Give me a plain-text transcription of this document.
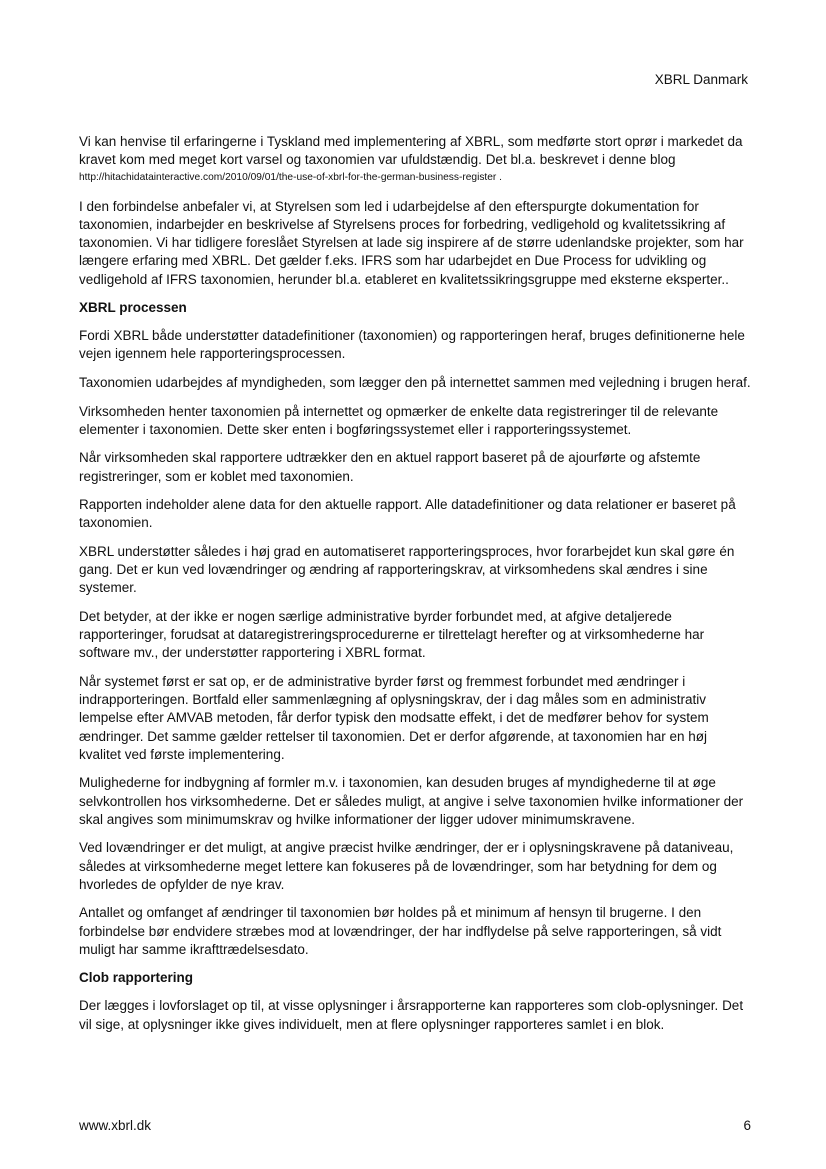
XBRL Danmark

Vi kan henvise til erfaringerne i Tyskland med implementering af XBRL, som medførte stort oprør i markedet da kravet kom med meget kort varsel og taxonomien var ufuldstændig. Det bl.a. beskrevet i denne blog
http://hitachidatainteractive.com/2010/09/01/the-use-of-xbrl-for-the-german-business-register .

I den forbindelse anbefaler vi, at Styrelsen som led i udarbejdelse af den efterspurgte dokumentation for taxonomien, indarbejder en beskrivelse af Styrelsens proces for forbedring, vedligehold og kvalitetssikring af taxonomien. Vi har tidligere foreslået Styrelsen at lade sig inspirere af de større udenlandske projekter, som har længere erfaring med XBRL. Det gælder f.eks. IFRS som har udarbejdet en Due Process for udvikling og vedligehold af IFRS taxonomien, herunder bl.a. etableret en kvalitetssikringsgruppe med eksterne eksperter..

XBRL processen

Fordi XBRL både understøtter datadefinitioner (taxonomien) og rapporteringen heraf, bruges definitionerne hele vejen igennem hele rapporteringsprocessen.

Taxonomien udarbejdes af myndigheden, som lægger den på internettet sammen med vejledning i brugen heraf.

Virksomheden henter taxonomien på internettet og opmærker de enkelte data registreringer til de relevante elementer i taxonomien. Dette sker enten i bogføringssystemet eller i rapporteringssystemet.

Når virksomheden skal rapportere udtrækker den en aktuel rapport baseret på de ajourførte og afstemte registreringer, som er koblet med taxonomien.

Rapporten indeholder alene data for den aktuelle rapport. Alle datadefinitioner og data relationer er baseret på taxonomien.

XBRL understøtter således i høj grad en automatiseret rapporteringsproces, hvor forarbejdet kun skal gøre én gang. Det er kun ved lovændringer og ændring af rapporteringskrav, at virksomhedens skal ændres i sine systemer.

Det betyder, at der ikke er nogen særlige administrative byrder forbundet med, at afgive detaljerede rapporteringer, forudsat at dataregistreringsprocedurerne er tilrettelagt herefter og at virksomhederne har software mv., der understøtter rapportering i XBRL format.

Når systemet først er sat op, er de administrative byrder først og fremmest forbundet med ændringer i indrapporteringen. Bortfald eller sammenlægning af oplysningskrav, der i dag måles som en administrativ lempelse efter AMVAB metoden, får derfor typisk den modsatte effekt, i det de medfører behov for system ændringer. Det samme gælder rettelser til taxonomien. Det er derfor afgørende, at taxonomien har en høj kvalitet ved første implementering.

Mulighederne for indbygning af formler m.v. i taxonomien, kan desuden bruges af myndighederne til at øge selvkontrollen hos virksomhederne. Det er således muligt, at angive i selve taxonomien hvilke informationer der skal angives som minimumskrav og hvilke informationer der ligger udover minimumskravene.

Ved lovændringer er det muligt, at angive præcist hvilke ændringer, der er i oplysningskravene på dataniveau, således at virksomhederne meget lettere kan fokuseres på de lovændringer, som har betydning for dem og hvorledes de opfylder de nye krav.

Antallet og omfanget af ændringer til taxonomien bør holdes på et minimum af hensyn til brugerne. I den forbindelse bør endvidere stræbes mod at lovændringer, der har indflydelse på selve rapporteringen, så vidt muligt har samme ikrafttrædelsesdato.

Clob rapportering

Der lægges i lovforslaget op til, at visse oplysninger i årsrapporterne kan rapporteres som clob-oplysninger. Det vil sige, at oplysninger ikke gives individuelt, men at flere oplysninger rapporteres samlet i en blok.

www.xbrl.dk	6
